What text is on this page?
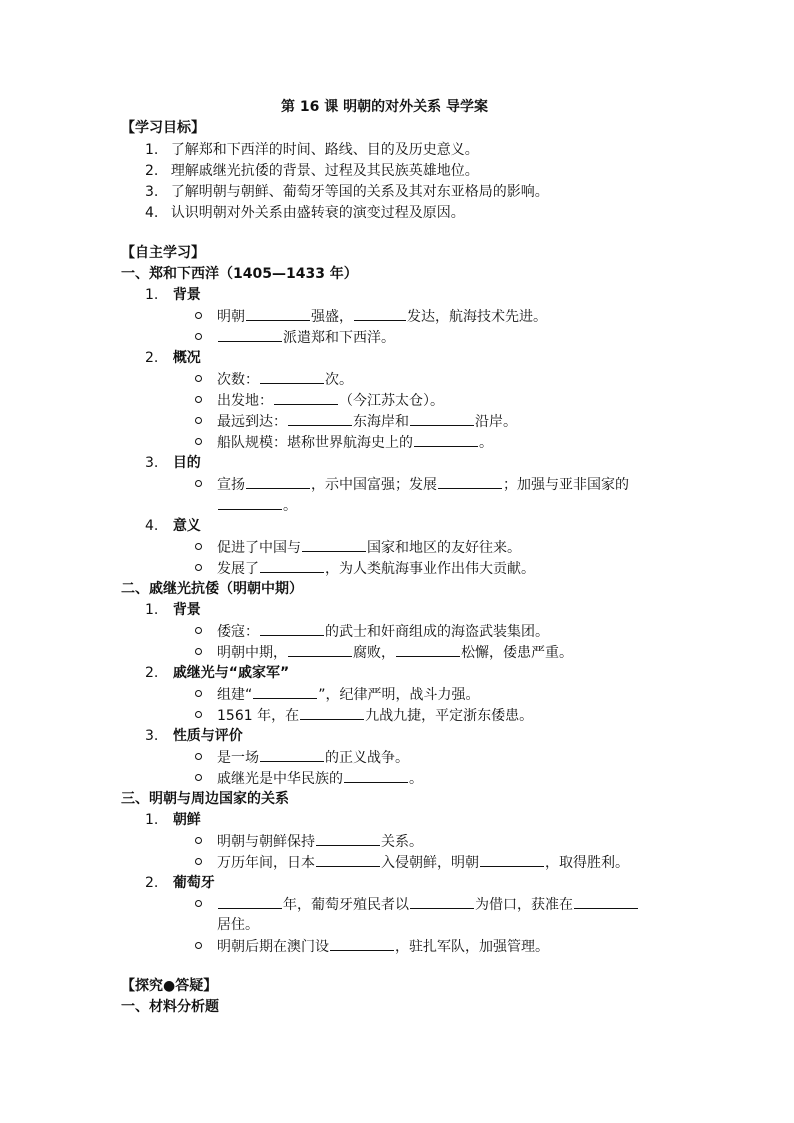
第 16 课 明朝的对外关系 导学案
【学习目标】
1. 了解郑和下西洋的时间、路线、目的及历史意义。
2. 理解戚继光抗倭的背景、过程及其民族英雄地位。
3. 了解明朝与朝鲜、葡萄牙等国的关系及其对东亚格局的影响。
4. 认识明朝对外关系由盛转衰的演变过程及原因。
【自主学习】
一、郑和下西洋（1405—1433 年）
1. 背景
明朝	强盛，	发达，航海技术先进。
派遣郑和下西洋。
2. 概况
次数：	次。
出发地：	（今江苏太仓）。
最远到达：	东海岸和	沿岸。
船队规模：堪称世界航海史上的	。
3. 目的
宣扬	，示中国富强；发展	；加强与亚非国家的
。
4. 意义
促进了中国与	国家和地区的友好往来。
发展了	，为人类航海事业作出伟大贡献。
二、戚继光抗倭（明朝中期）
1. 背景
倭寇：	的武士和奸商组成的海盗武装集团。
明朝中期，	腐败，	松懈，倭患严重。
2. 戚继光与“戚家军”
组建“	”，纪律严明，战斗力强。
1561 年，在	九战九捷，平定浙东倭患。
3. 性质与评价
是一场	的正义战争。
戚继光是中华民族的	。
三、明朝与周边国家的关系
1. 朝鲜
明朝与朝鲜保持	关系。
万历年间，日本	入侵朝鲜，明朝	，取得胜利。
2. 葡萄牙
年，葡萄牙殖民者以	为借口，获准在
居住。
明朝后期在澳门设	，驻扎军队，加强管理。
【探究●答疑】
一、材料分析题
